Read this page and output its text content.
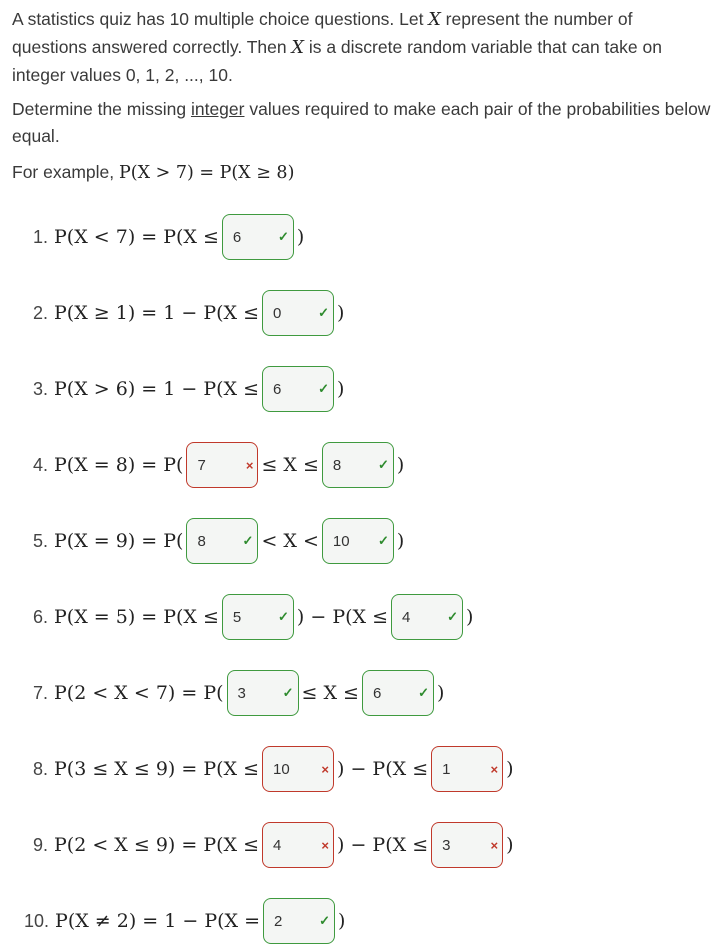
A statistics quiz has 10 multiple choice questions. Let X represent the number of questions answered correctly. Then X is a discrete random variable that can take on integer values 0, 1, 2, ..., 10.
Determine the missing integer values required to make each pair of the probabilities below equal.
For example, P(X > 7) = P(X ≥ 8)
1. P(X < 7) = P(X ≤ 6	✓ )
2. P(X ≥ 1) = 1 − P(X ≤ 0	✓ )
3. P(X > 6) = 1 − P(X ≤ 6	✓ )
4. P(X = 8) = P( 7	× ≤ X ≤ 8	✓ )
5. P(X = 9) = P( 8	✓ < X < 10 ✓ )
6. P(X = 5) = P(X ≤ 5	✓ ) − P(X ≤ 4	✓ )
7. P(2 < X < 7) = P( 3	✓ ≤ X ≤ 6	✓ )
8. P(3 ≤ X ≤ 9) = P(X ≤ 10 × ) − P(X ≤ 1	× )
9. P(2 < X ≤ 9) = P(X ≤ 4	× ) − P(X ≤ 3	× )
10. P(X ≠ 2) = 1 − P(X = 2	✓ )
